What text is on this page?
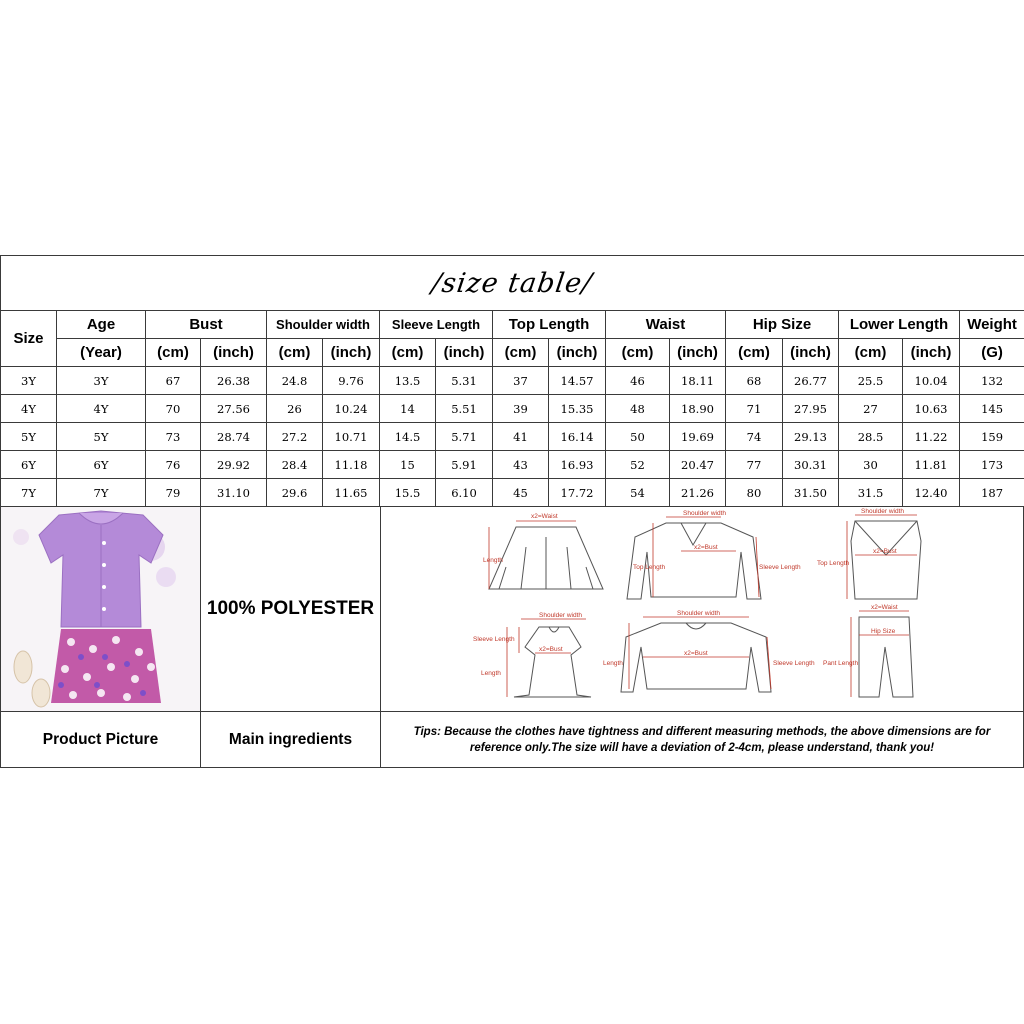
/size table/																
Size	Age	Bust		Shoulder width		Sleeve Length		Top Length		Waist		Hip Size		Lower Length		Weight
	(Year)	(cm)	(inch)	(cm)	(inch)	(cm)	(inch)	(cm)	(inch)	(cm)	(inch)	(cm)	(inch)	(cm)	(inch)	(G)
3Y	3Y	67	26.38	24.8	9.76	13.5	5.31	37	14.57	46	18.11	68	26.77	25.5	10.04	132
4Y	4Y	70	27.56	26	10.24	14	5.51	39	15.35	48	18.90	71	27.95	27	10.63	145
5Y	5Y	73	28.74	27.2	10.71	14.5	5.71	41	16.14	50	19.69	74	29.13	28.5	11.22	159
6Y	6Y	76	29.92	28.4	11.18	15	5.91	43	16.93	52	20.47	77	30.31	30	11.81	173
7Y	7Y	79	31.10	29.6	11.65	15.5	6.10	45	17.72	54	21.26	80	31.50	31.5	12.40	187
100% POLYESTER
x2=Waist
Length
Shoulder width
x2=Bust
Top Length	Sleeve Length
Shoulder width
x2=Bust
Top Length
Shoulder width
x2=Bust
Sleeve Length
Length
Shoulder width
x2=Bust
Length	Sleeve Length
x2=Waist
Hip Size
Pant Length
Product Picture	Main ingredients	Tips: Because the clothes have tightness and different measuring methods, the above dimensions are for reference only.The size will have a deviation of 2-4cm, please understand, thank you!
